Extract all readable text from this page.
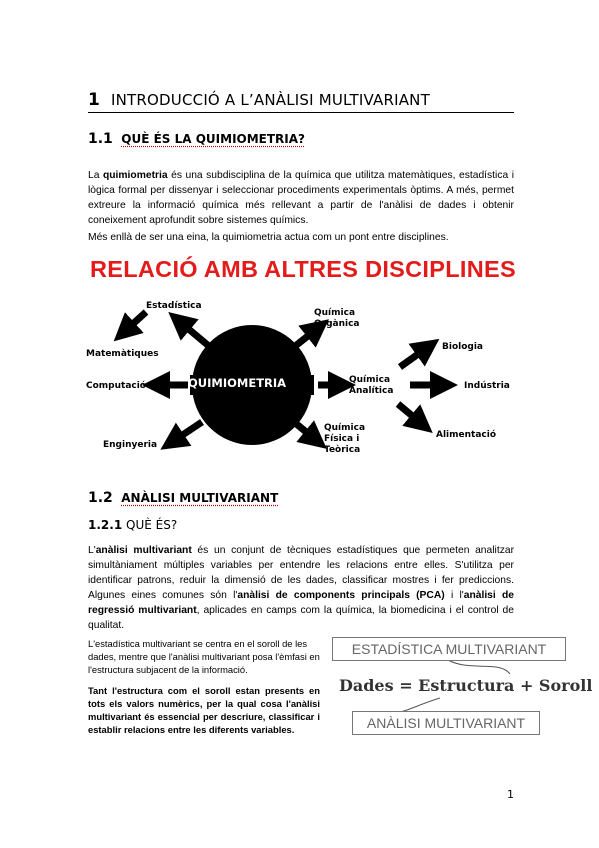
1 INTRODUCCIÓ A L’ANÀLISI MULTIVARIANT
1.1 QUÈ ÉS LA QUIMIOMETRIA?
La quimiometria és una subdisciplina de la química que utilitza matemàtiques, estadística i lògica formal per dissenyar i seleccionar procediments experimentals òptims. A més, permet extreure la informació química més rellevant a partir de l'anàlisi de dades i obtenir coneixement aprofundit sobre sistemes químics.
Més enllà de ser una eina, la quimiometria actua com un pont entre disciplines.
RELACIÓ AMB ALTRES DISCIPLINES
QUIMIOMETRIA
Estadística
Matemàtiques
Computació
Enginyeria
Química
Orgànica
Química
Analítica
Química
Física i
Teòrica
Biologia
Indústria
Alimentació
1.2 ANÀLISI MULTIVARIANT
1.2.1 QUÈ ÉS?
L'anàlisi multivariant és un conjunt de tècniques estadístiques que permeten analitzar simultàniament múltiples variables per entendre les relacions entre elles. S'utilitza per identificar patrons, reduir la dimensió de les dades, classificar mostres i fer prediccions. Algunes eines comunes són l'anàlisi de components principals (PCA) i l'anàlisi de regressió multivariant, aplicades en camps com la química, la biomedicina i el control de qualitat.
L'estadística multivariant se centra en el soroll de les dades, mentre que l'anàlisi multivariant posa l'èmfasi en l'estructura subjacent de la informació.
Tant l'estructura com el soroll estan presents en tots els valors numèrics, per la qual cosa l'anàlisi multivariant és essencial per descriure, classificar i establir relacions entre les diferents variables.
ESTADÍSTICA MULTIVARIANT
Dades = Estructura + Soroll
ANÀLISI MULTIVARIANT
1
